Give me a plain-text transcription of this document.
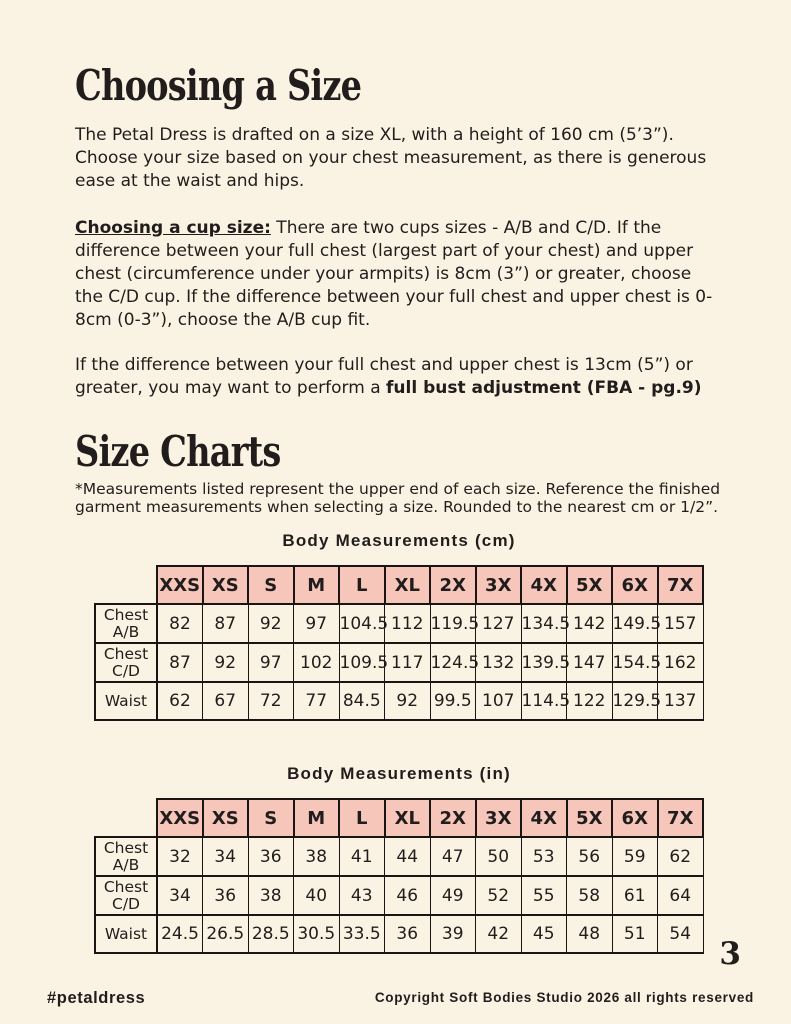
Choosing a Size

The Petal Dress is drafted on a size XL, with a height of 160 cm (5’3”). Choose your size based on your chest measurement, as there is generous ease at the waist and hips.

Choosing a cup size: There are two cups sizes - A/B and C/D. If the difference between your full chest (largest part of your chest) and upper chest (circumference under your armpits) is 8cm (3”) or greater, choose the C/D cup. If the difference between your full chest and upper chest is 0-8cm (0-3”), choose the A/B cup fit.

If the difference between your full chest and upper chest is 13cm (5”) or greater, you may want to perform a full bust adjustment (FBA - pg.9)

Size Charts

*Measurements listed represent the upper end of each size. Reference the finished garment measurements when selecting a size. Rounded to the nearest cm or 1/2”.

Body Measurements (cm)
	XXS	XS	S	M	L	XL	2X	3X	4X	5X	6X	7X
Chest A/B	82	87	92	97	104.5	112	119.5	127	134.5	142	149.5	157
Chest C/D	87	92	97	102	109.5	117	124.5	132	139.5	147	154.5	162
Waist	62	67	72	77	84.5	92	99.5	107	114.5	122	129.5	137
Body Measurements (in)
	XXS	XS	S	M	L	XL	2X	3X	4X	5X	6X	7X
Chest A/B	32	34	36	38	41	44	47	50	53	56	59	62
Chest C/D	34	36	38	40	43	46	49	52	55	58	61	64
Waist	24.5	26.5	28.5	30.5	33.5	36	39	42	45	48	51	54
3
#petaldress	Copyright Soft Bodies Studio 2026 all rights reserved
